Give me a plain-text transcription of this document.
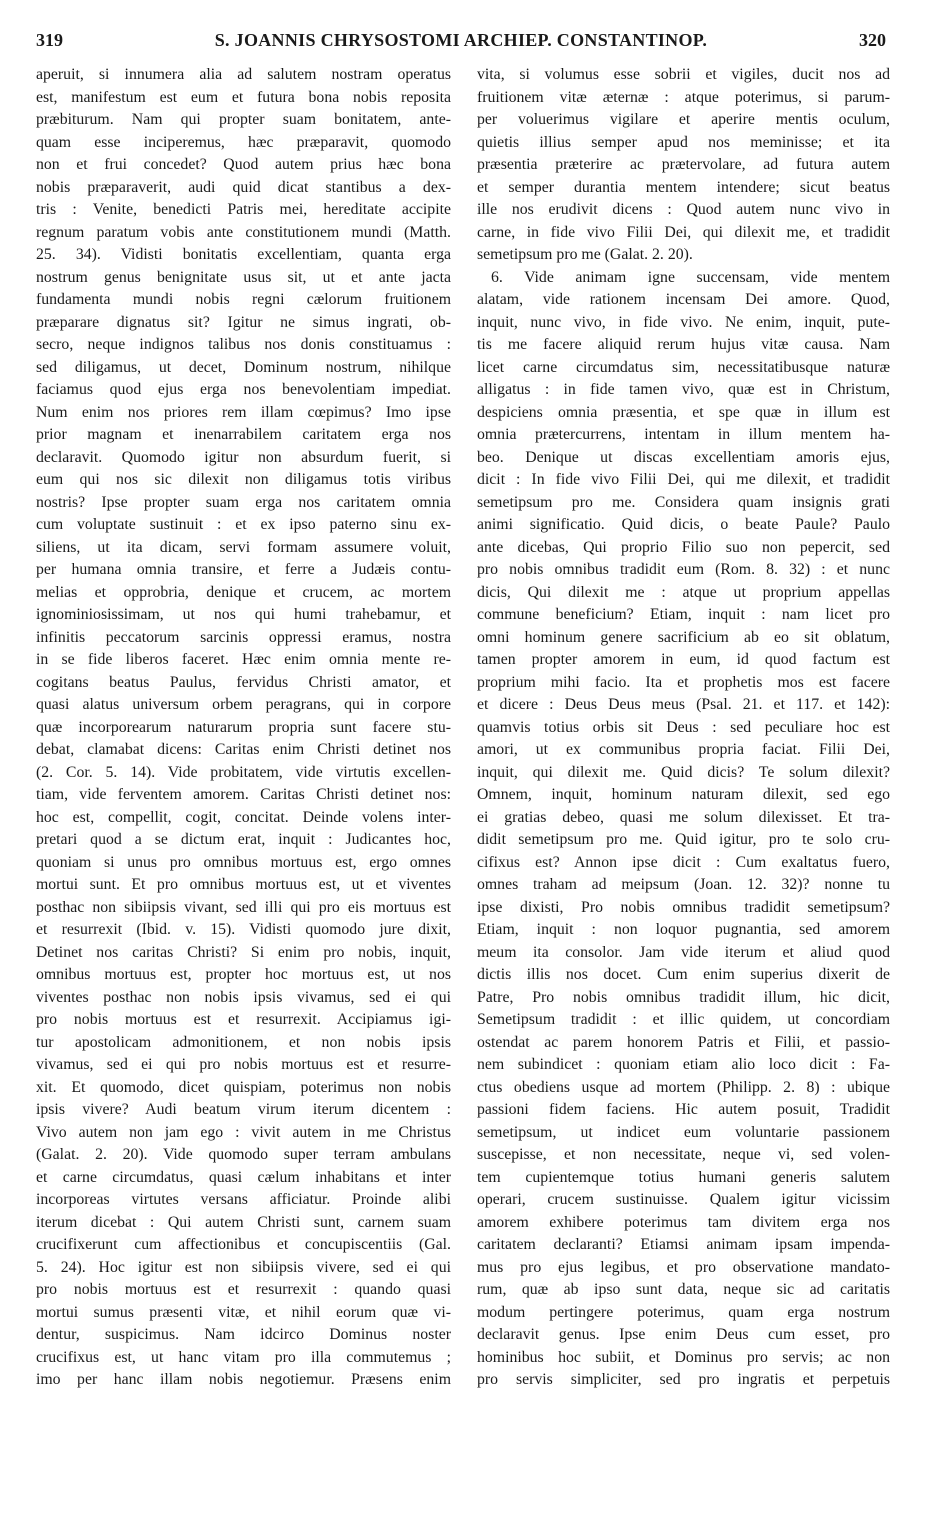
319	S. JOANNIS CHRYSOSTOMI ARCHIEP. CONSTANTINOP.	320
aperuit, si innumera alia ad salutem nostram operatus
est, manifestum est eum et futura bona nobis reposita
præbiturum. Nam qui propter suam bonitatem, ante-
quam esse inciperemus, hæc præparavit, quomodo
non et frui concedet? Quod autem prius hæc bona
nobis præparaverit, audi quid dicat stantibus a dex-
tris : Venite, benedicti Patris mei, hereditate accipite
regnum paratum vobis ante constitutionem mundi (Matth.
25. 34). Vidisti bonitatis excellentiam, quanta erga
nostrum genus benignitate usus sit, ut et ante jacta
fundamenta mundi nobis regni cælorum fruitionem
præparare dignatus sit? Igitur ne simus ingrati, ob-
secro, neque indignos talibus nos donis constituamus :
sed diligamus, ut decet, Dominum nostrum, nihilque
faciamus quod ejus erga nos benevolentiam impediat.
Num enim nos priores rem illam cœpimus? Imo ipse
prior magnam et inenarrabilem caritatem erga nos
declaravit. Quomodo igitur non absurdum fuerit, si
eum qui nos sic dilexit non diligamus totis viribus
nostris? Ipse propter suam erga nos caritatem omnia
cum voluptate sustinuit : et ex ipso paterno sinu ex-
siliens, ut ita dicam, servi formam assumere voluit,
per humana omnia transire, et ferre a Judæis contu-
melias et opprobria, denique et crucem, ac mortem
ignominiosissimam, ut nos qui humi trahebamur, et
infinitis peccatorum sarcinis oppressi eramus, nostra
in se fide liberos faceret. Hæc enim omnia mente re-
cogitans beatus Paulus, fervidus Christi amator, et
quasi alatus universum orbem peragrans, qui in corpore
quæ incorporearum naturarum propria sunt facere stu-
debat, clamabat dicens: Caritas enim Christi detinet nos
(2. Cor. 5. 14). Vide probitatem, vide virtutis excellen-
tiam, vide ferventem amorem. Caritas Christi detinet nos:
hoc est, compellit, cogit, concitat. Deinde volens inter-
pretari quod a se dictum erat, inquit : Judicantes hoc,
quoniam si unus pro omnibus mortuus est, ergo omnes
mortui sunt. Et pro omnibus mortuus est, ut et viventes
posthac non sibiipsis vivant, sed illi qui pro eis mortuus est
et resurrexit (Ibid. v. 15). Vidisti quomodo jure dixit,
Detinet nos caritas Christi? Si enim pro nobis, inquit,
omnibus mortuus est, propter hoc mortuus est, ut nos
viventes posthac non nobis ipsis vivamus, sed ei qui
pro nobis mortuus est et resurrexit. Accipiamus igi-
tur apostolicam admonitionem, et non nobis ipsis
vivamus, sed ei qui pro nobis mortuus est et resurre-
xit. Et quomodo, dicet quispiam, poterimus non nobis
ipsis vivere? Audi beatum virum iterum dicentem :
Vivo autem non jam ego : vivit autem in me Christus
(Galat. 2. 20). Vide quomodo super terram ambulans
et carne circumdatus, quasi cælum inhabitans et inter
incorporeas virtutes versans afficiatur. Proinde alibi
iterum dicebat : Qui autem Christi sunt, carnem suam
crucifixerunt cum affectionibus et concupiscentiis (Gal.
5. 24). Hoc igitur est non sibiipsis vivere, sed ei qui
pro nobis mortuus est et resurrexit : quando quasi
mortui sumus præsenti vitæ, et nihil eorum quæ vi-
dentur, suspicimus. Nam idcirco Dominus noster
crucifixus est, ut hanc vitam pro illa commutemus ;
imo per hanc illam nobis negotiemur. Præsens enim
vita, si volumus esse sobrii et vigiles, ducit nos ad
fruitionem vitæ æternæ : atque poterimus, si parum-
per voluerimus vigilare et aperire mentis oculum,
quietis illius semper apud nos meminisse; et ita
præsentia præterire ac prætervolare, ad futura autem
et semper durantia mentem intendere; sicut beatus
ille nos erudivit dicens : Quod autem nunc vivo in
carne, in fide vivo Filii Dei, qui dilexit me, et tradidit
semetipsum pro me (Galat. 2. 20).
6. Vide animam igne succensam, vide mentem
alatam, vide rationem incensam Dei amore. Quod,
inquit, nunc vivo, in fide vivo. Ne enim, inquit, pute-
tis me facere aliquid rerum hujus vitæ causa. Nam
licet carne circumdatus sim, necessitatibusque naturæ
alligatus : in fide tamen vivo, quæ est in Christum,
despiciens omnia præsentia, et spe quæ in illum est
omnia prætercurrens, intentam in illum mentem ha-
beo. Denique ut discas excellentiam amoris ejus,
dicit : In fide vivo Filii Dei, qui me dilexit, et tradidit
semetipsum pro me. Considera quam insignis grati
animi significatio. Quid dicis, o beate Paule? Paulo
ante dicebas, Qui proprio Filio suo non pepercit, sed
pro nobis omnibus tradidit eum (Rom. 8. 32) : et nunc
dicis, Qui dilexit me : atque ut proprium appellas
commune beneficium? Etiam, inquit : nam licet pro
omni hominum genere sacrificium ab eo sit oblatum,
tamen propter amorem in eum, id quod factum est
proprium mihi facio. Ita et prophetis mos est facere
et dicere : Deus Deus meus (Psal. 21. et 117. et 142):
quamvis totius orbis sit Deus : sed peculiare hoc est
amori, ut ex communibus propria faciat. Filii Dei,
inquit, qui dilexit me. Quid dicis? Te solum dilexit?
Omnem, inquit, hominum naturam dilexit, sed ego
ei gratias debeo, quasi me solum dilexisset. Et tra-
didit semetipsum pro me. Quid igitur, pro te solo cru-
cifixus est? Annon ipse dicit : Cum exaltatus fuero,
omnes traham ad meipsum (Joan. 12. 32)? nonne tu
ipse dixisti, Pro nobis omnibus tradidit semetipsum?
Etiam, inquit : non loquor pugnantia, sed amorem
meum ita consolor. Jam vide iterum et aliud quod
dictis illis nos docet. Cum enim superius dixerit de
Patre, Pro nobis omnibus tradidit illum, hic dicit,
Semetipsum tradidit : et illic quidem, ut concordiam
ostendat ac parem honorem Patris et Filii, et passio-
nem subindicet : quoniam etiam alio loco dicit : Fa-
ctus obediens usque ad mortem (Philipp. 2. 8) : ubique
passioni fidem faciens. Hic autem posuit, Tradidit
semetipsum, ut indicet eum voluntarie passionem
suscepisse, et non necessitate, neque vi, sed volen-
tem cupientemque totius humani generis salutem
operari, crucem sustinuisse. Qualem igitur vicissim
amorem exhibere poterimus tam divitem erga nos
caritatem declaranti? Etiamsi animam ipsam impenda-
mus pro ejus legibus, et pro observatione mandato-
rum, quæ ab ipso sunt data, neque sic ad caritatis
modum pertingere poterimus, quam erga nostrum
declaravit genus. Ipse enim Deus cum esset, pro
hominibus hoc subiit, et Dominus pro servis; ac non
pro servis simpliciter, sed pro ingratis et perpetuis
